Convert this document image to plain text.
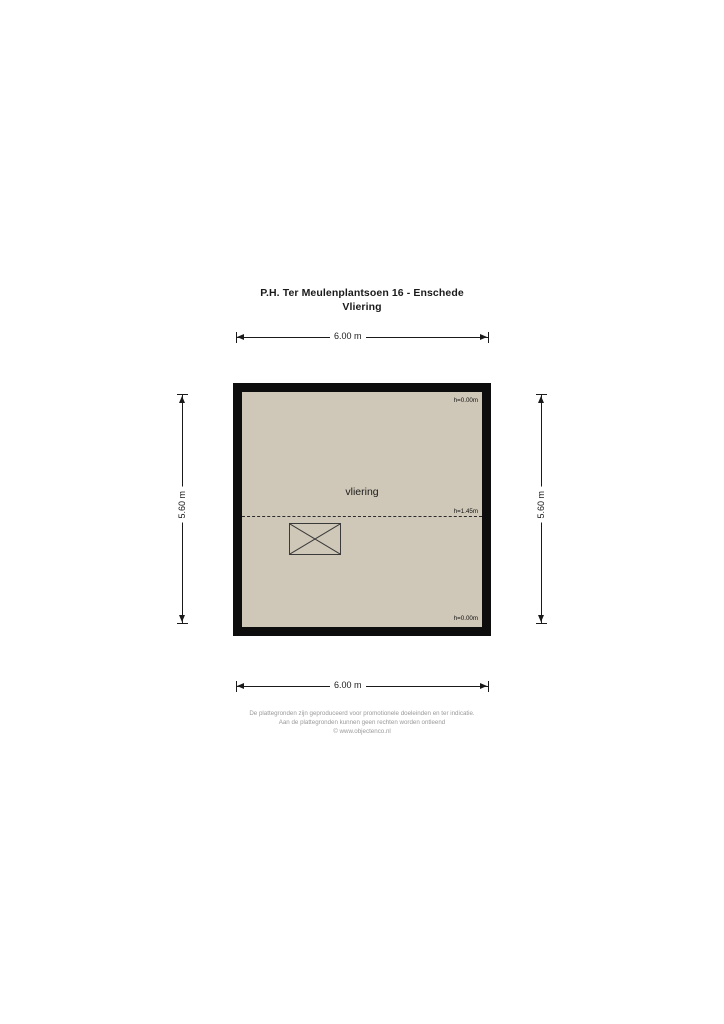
P.H. Ter Meulenplantsoen 16 - Enschede
Vliering
6.00 m
5.60 m	5.60 m
6.00 m
vliering
h=0.00m
h=1.45m
h=0.00m
De plattegronden zijn geproduceerd voor promotionele doeleinden en ter indicatie.
Aan de plattegronden kunnen geen rechten worden ontleend
© www.objectenco.nl
